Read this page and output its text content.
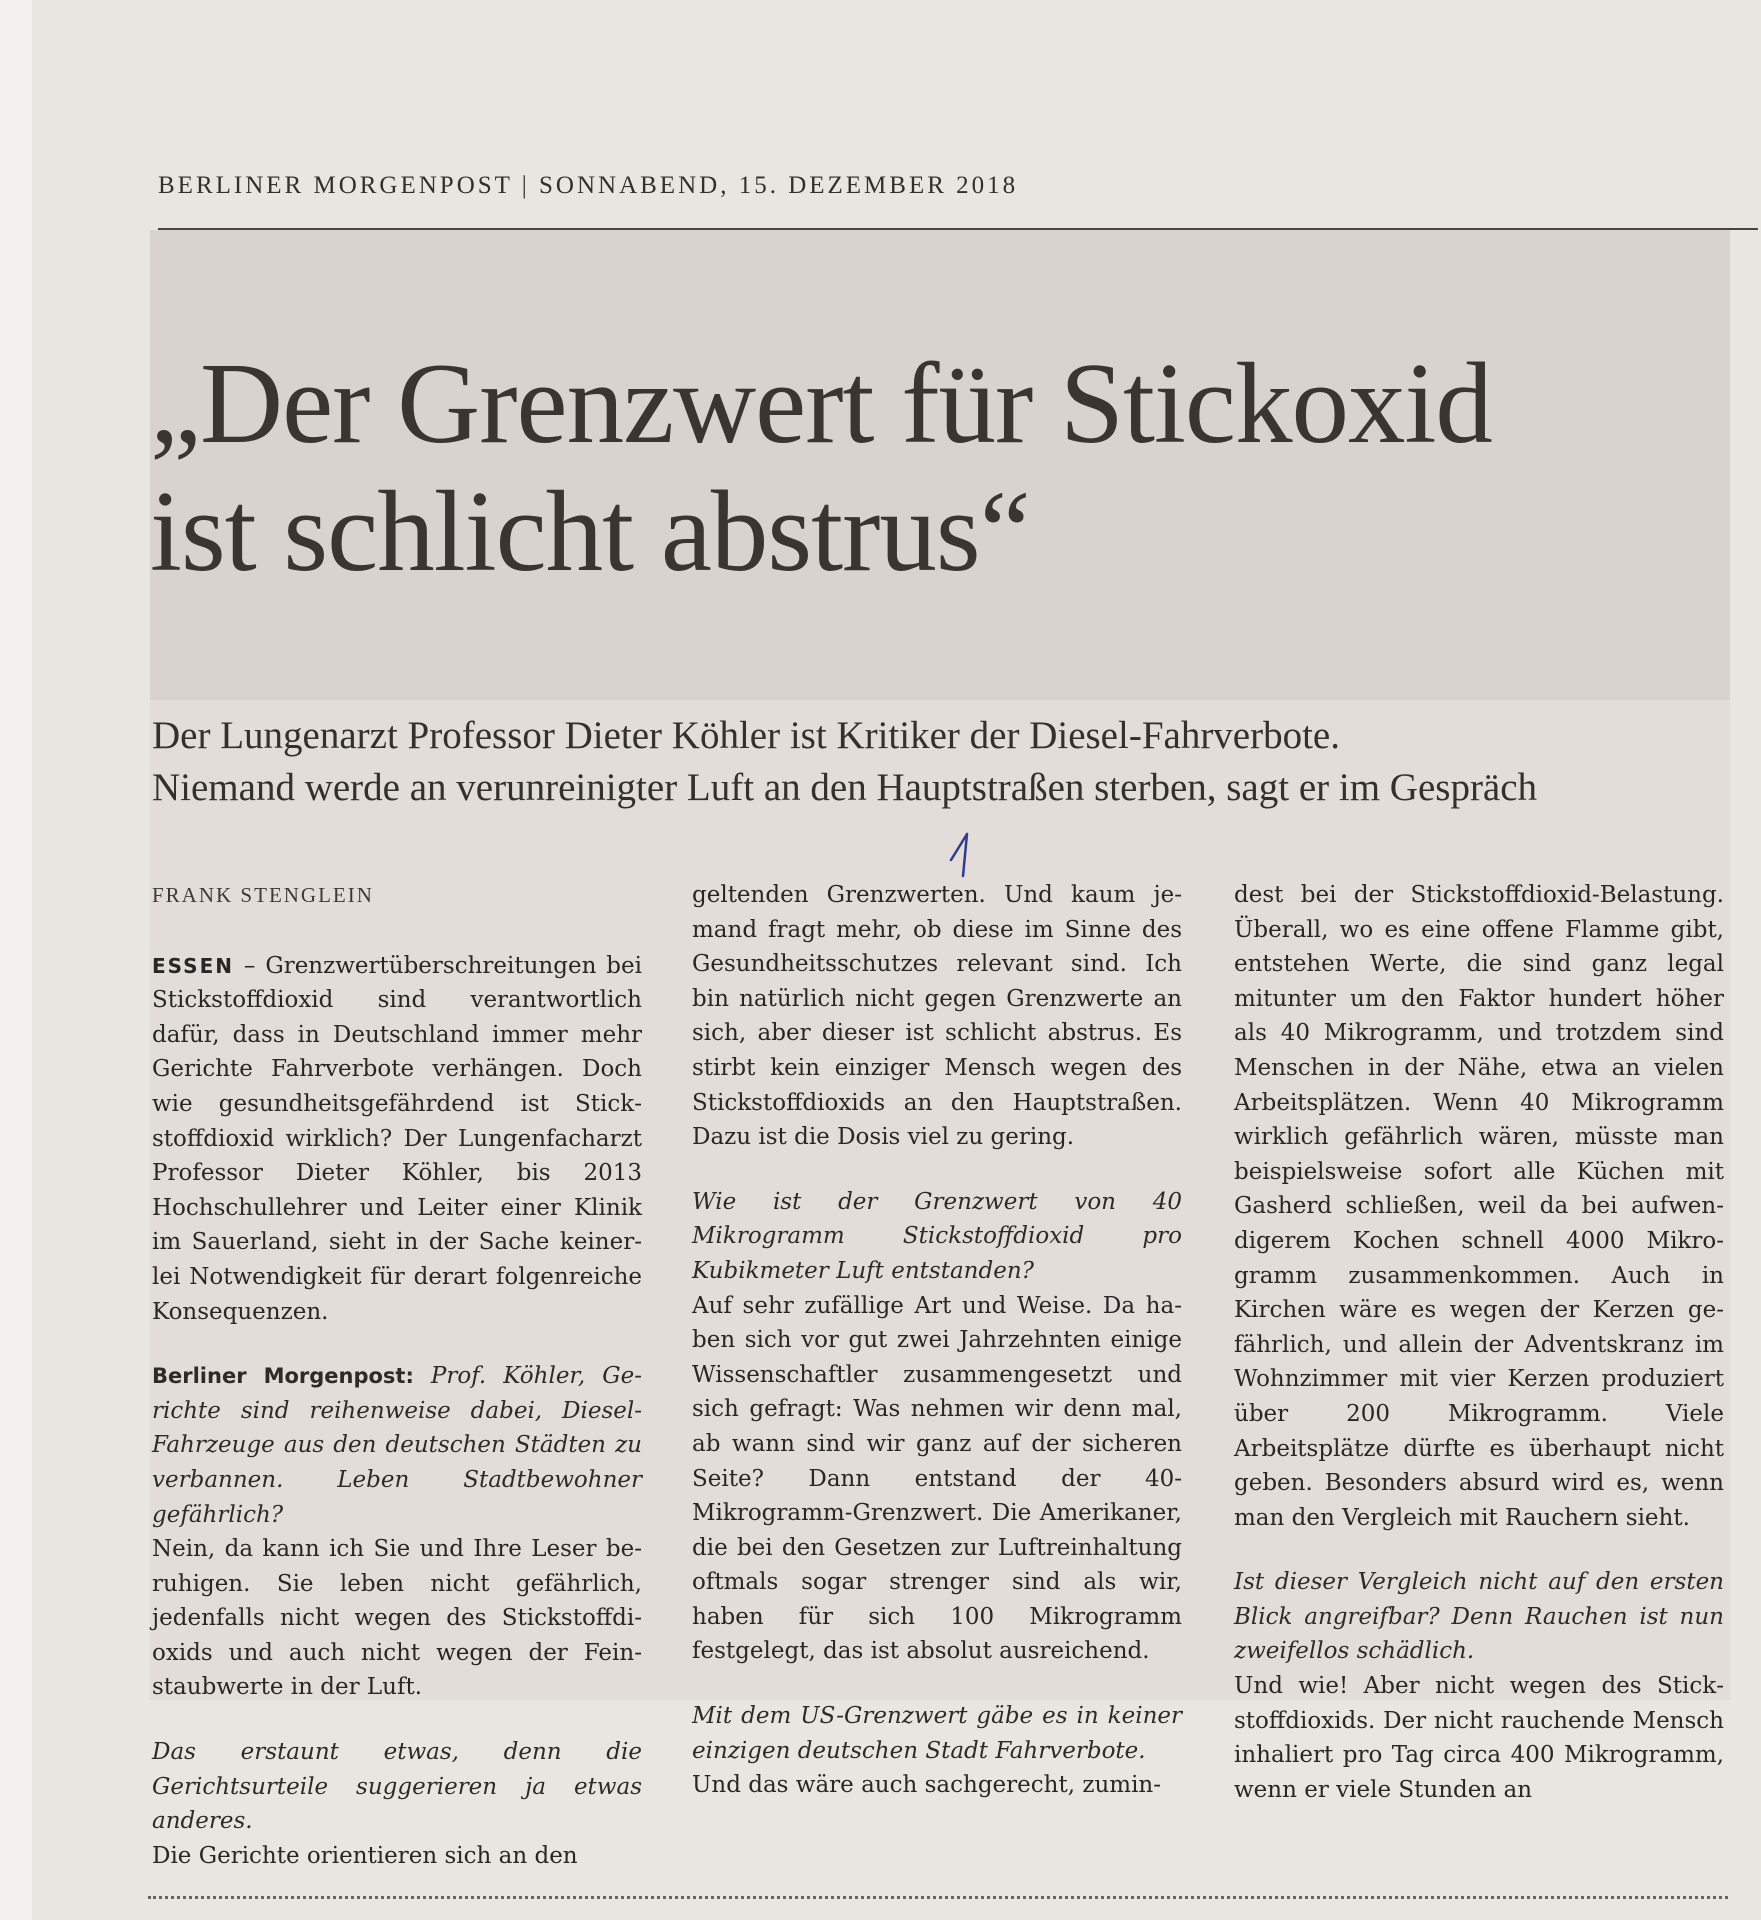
BERLINER MORGENPOST | SONNABEND, 15. DEZEMBER 2018
„Der Grenzwert für Stickoxid
ist schlicht abstrus“
Der Lungenarzt Professor Dieter Köhler ist Kritiker der Diesel-Fahrverbote.
Niemand werde an verunreinigter Luft an den Hauptstraßen sterben, sagt er im Gespräch
FRANK STENGLEIN

ESSEN – Grenzwertüberschreitungen bei Stickstoffdioxid sind verantwortlich dafür, dass in Deutschland immer mehr Gerichte Fahrverbote verhängen. Doch wie gesundheitsgefährdend ist Stickstoffdioxid wirklich? Der Lungenfacharzt Professor Dieter Köhler, bis 2013 Hochschullehrer und Leiter einer Klinik im Sauerland, sieht in der Sache keinerlei Notwendigkeit für derart folgenreiche Konsequenzen.

Berliner Morgenpost: Prof. Köhler, Gerichte sind reihenweise dabei, Diesel-Fahrzeuge aus den deutschen Städten zu verbannen. Leben Stadtbewohner gefährlich?

Nein, da kann ich Sie und Ihre Leser beruhigen. Sie leben nicht gefährlich, jedenfalls nicht wegen des Stickstoffdioxids und auch nicht wegen der Feinstaubwerte in der Luft.

Das erstaunt etwas, denn die Gerichtsurteile suggerieren ja etwas anderes.

Die Gerichte orientieren sich an den

geltenden Grenzwerten. Und kaum jemand fragt mehr, ob diese im Sinne des Gesundheitsschutzes relevant sind. Ich bin natürlich nicht gegen Grenzwerte an sich, aber dieser ist schlicht abstrus. Es stirbt kein einziger Mensch wegen des Stickstoffdioxids an den Hauptstraßen. Dazu ist die Dosis viel zu gering.

Wie ist der Grenzwert von 40 Mikrogramm Stickstoffdioxid pro Kubikmeter Luft entstanden?

Auf sehr zufällige Art und Weise. Da haben sich vor gut zwei Jahrzehnten einige Wissenschaftler zusammengesetzt und sich gefragt: Was nehmen wir denn mal, ab wann sind wir ganz auf der sicheren Seite? Dann entstand der 40-Mikrogramm-Grenzwert. Die Amerikaner, die bei den Gesetzen zur Luftreinhaltung oftmals sogar strenger sind als wir, haben für sich 100 Mikrogramm festgelegt, das ist absolut ausreichend.

Mit dem US-Grenzwert gäbe es in keiner einzigen deutschen Stadt Fahrverbote.

Und das wäre auch sachgerecht, zumin-

dest bei der Stickstoffdioxid-Belastung. Überall, wo es eine offene Flamme gibt, entstehen Werte, die sind ganz legal mitunter um den Faktor hundert höher als 40 Mikrogramm, und trotzdem sind Menschen in der Nähe, etwa an vielen Arbeitsplätzen. Wenn 40 Mikrogramm wirklich gefährlich wären, müsste man beispielsweise sofort alle Küchen mit Gasherd schließen, weil da bei aufwendigerem Kochen schnell 4000 Mikrogramm zusammenkommen. Auch in Kirchen wäre es wegen der Kerzen gefährlich, und allein der Adventskranz im Wohnzimmer mit vier Kerzen produziert über 200 Mikrogramm. Viele Arbeitsplätze dürfte es überhaupt nicht geben. Besonders absurd wird es, wenn man den Vergleich mit Rauchern sieht.

Ist dieser Vergleich nicht auf den ersten Blick angreifbar? Denn Rauchen ist nun zweifellos schädlich.

Und wie! Aber nicht wegen des Stickstoffdioxids. Der nicht rauchende Mensch inhaliert pro Tag circa 400 Mikrogramm, wenn er viele Stunden an
